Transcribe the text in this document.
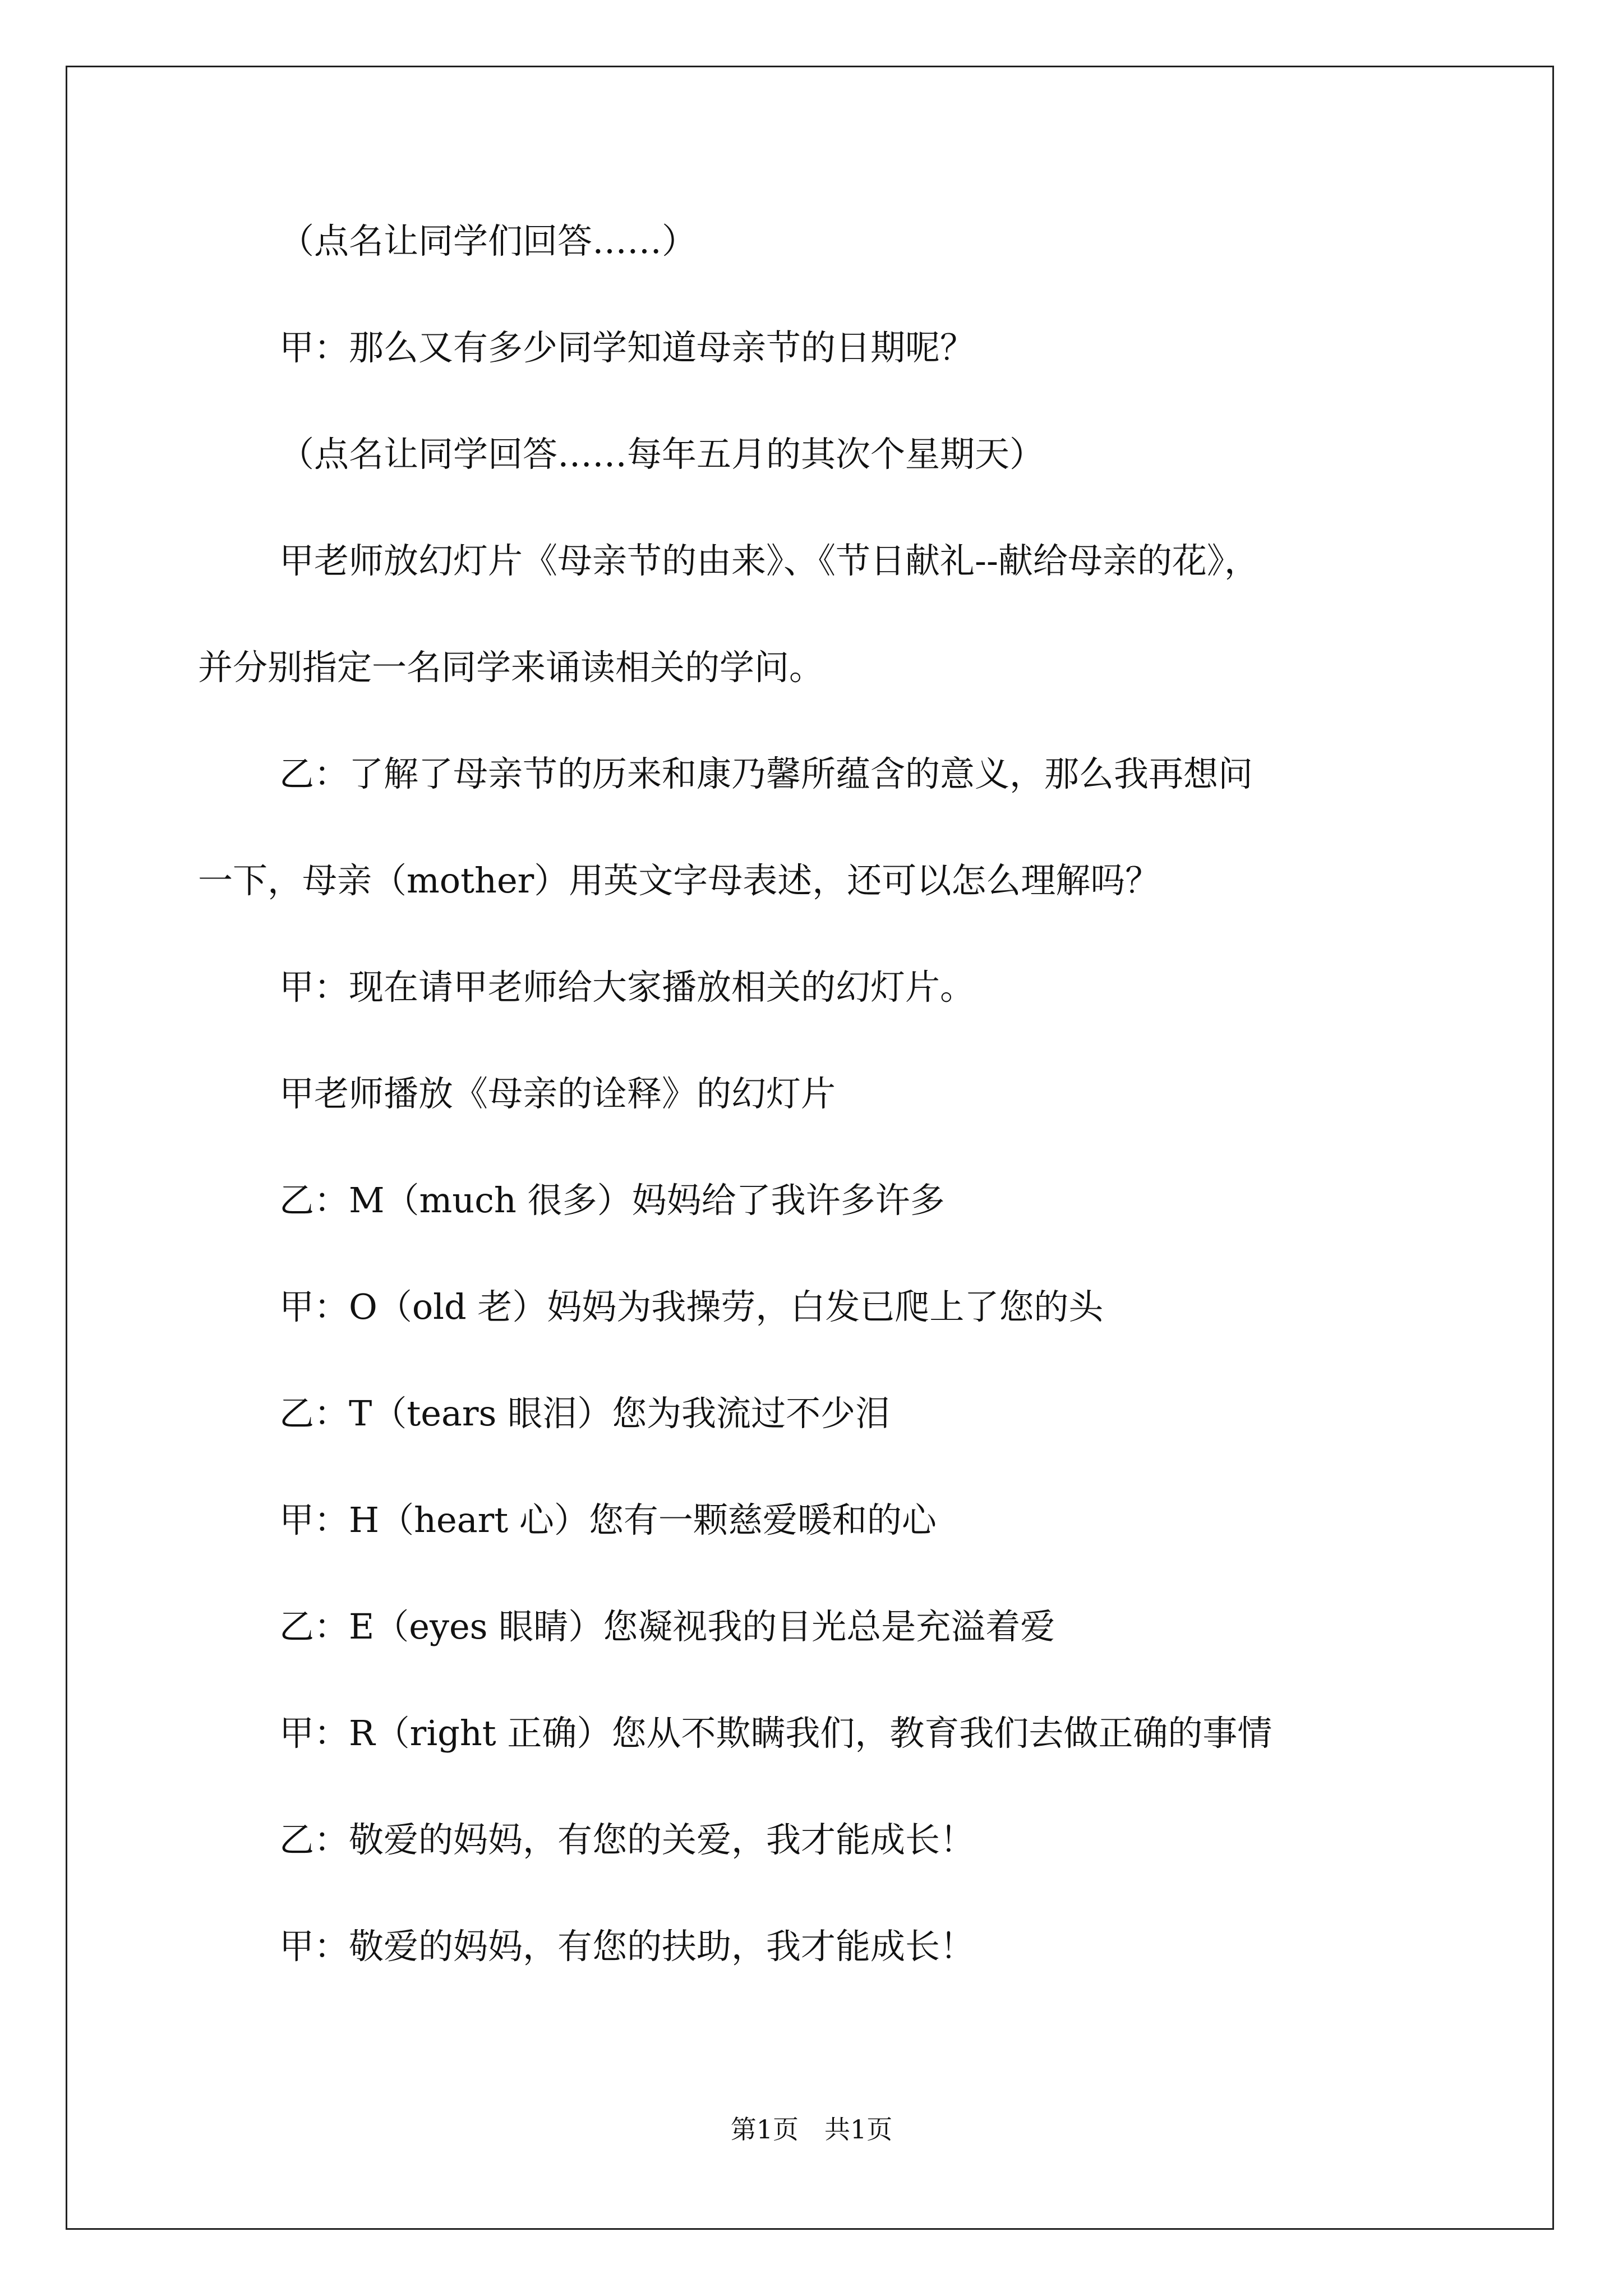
（点名让同学们回答……）

甲：那么又有多少同学知道母亲节的日期呢？

（点名让同学回答……每年五月的其次个星期天）

甲老师放幻灯片《母亲节的由来》、《节日献礼--献给母亲的花》，

并分别指定一名同学来诵读相关的学问。

乙：了解了母亲节的历来和康乃馨所蕴含的意义，那么我再想问

一下，母亲（mother）用英文字母表述，还可以怎么理解吗？

甲：现在请甲老师给大家播放相关的幻灯片。

甲老师播放《母亲的诠释》的幻灯片

乙：M（much 很多）妈妈给了我许多许多

甲：O（old 老）妈妈为我操劳，白发已爬上了您的头

乙：T（tears 眼泪）您为我流过不少泪

甲：H（heart 心）您有一颗慈爱暖和的心

乙：E（eyes 眼睛）您凝视我的目光总是充溢着爱

甲：R（right 正确）您从不欺瞒我们，教育我们去做正确的事情

乙：敬爱的妈妈，有您的关爱，我才能成长！

甲：敬爱的妈妈，有您的扶助，我才能成长！

第1页　共1页
